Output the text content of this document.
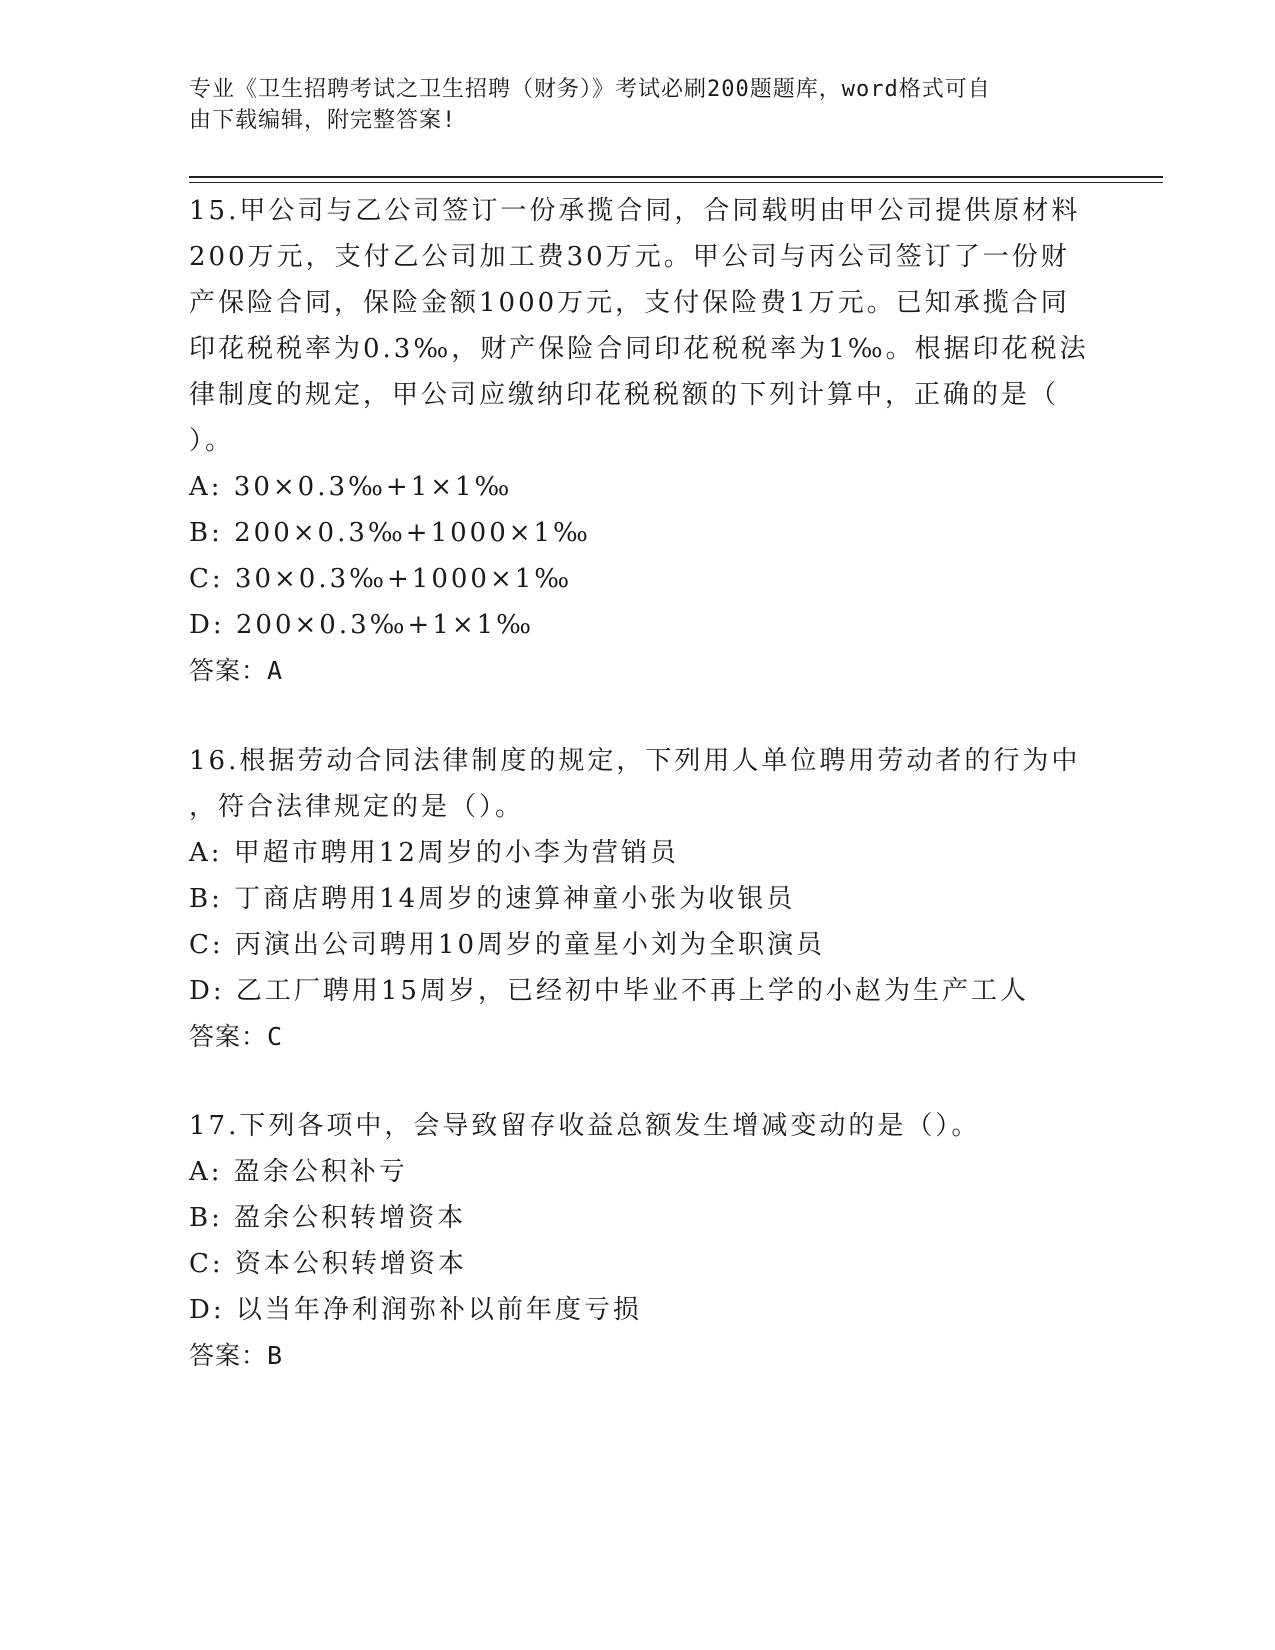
专业《卫生招聘考试之卫生招聘（财务）》考试必刷200题题库，word格式可自
由下载编辑，附完整答案!
15.甲公司与乙公司签订一份承揽合同，合同载明由甲公司提供原材料
200万元，支付乙公司加工费30万元。甲公司与丙公司签订了一份财
产保险合同，保险金额1000万元，支付保险费1万元。已知承揽合同
印花税税率为0.3‰，财产保险合同印花税税率为1‰。根据印花税法
律制度的规定，甲公司应缴纳印花税税额的下列计算中，正确的是（
）。
A: 30×0.3‰+1×1‰
B: 200×0.3‰+1000×1‰
C: 30×0.3‰+1000×1‰
D: 200×0.3‰+1×1‰
答案：A
16.根据劳动合同法律制度的规定，下列用人单位聘用劳动者的行为中
，符合法律规定的是（）。
A: 甲超市聘用12周岁的小李为营销员
B: 丁商店聘用14周岁的速算神童小张为收银员
C: 丙演出公司聘用10周岁的童星小刘为全职演员
D: 乙工厂聘用15周岁，已经初中毕业不再上学的小赵为生产工人
答案：C
17.下列各项中，会导致留存收益总额发生增减变动的是（）。
A: 盈余公积补亏
B: 盈余公积转增资本
C: 资本公积转增资本
D: 以当年净利润弥补以前年度亏损
答案：B
